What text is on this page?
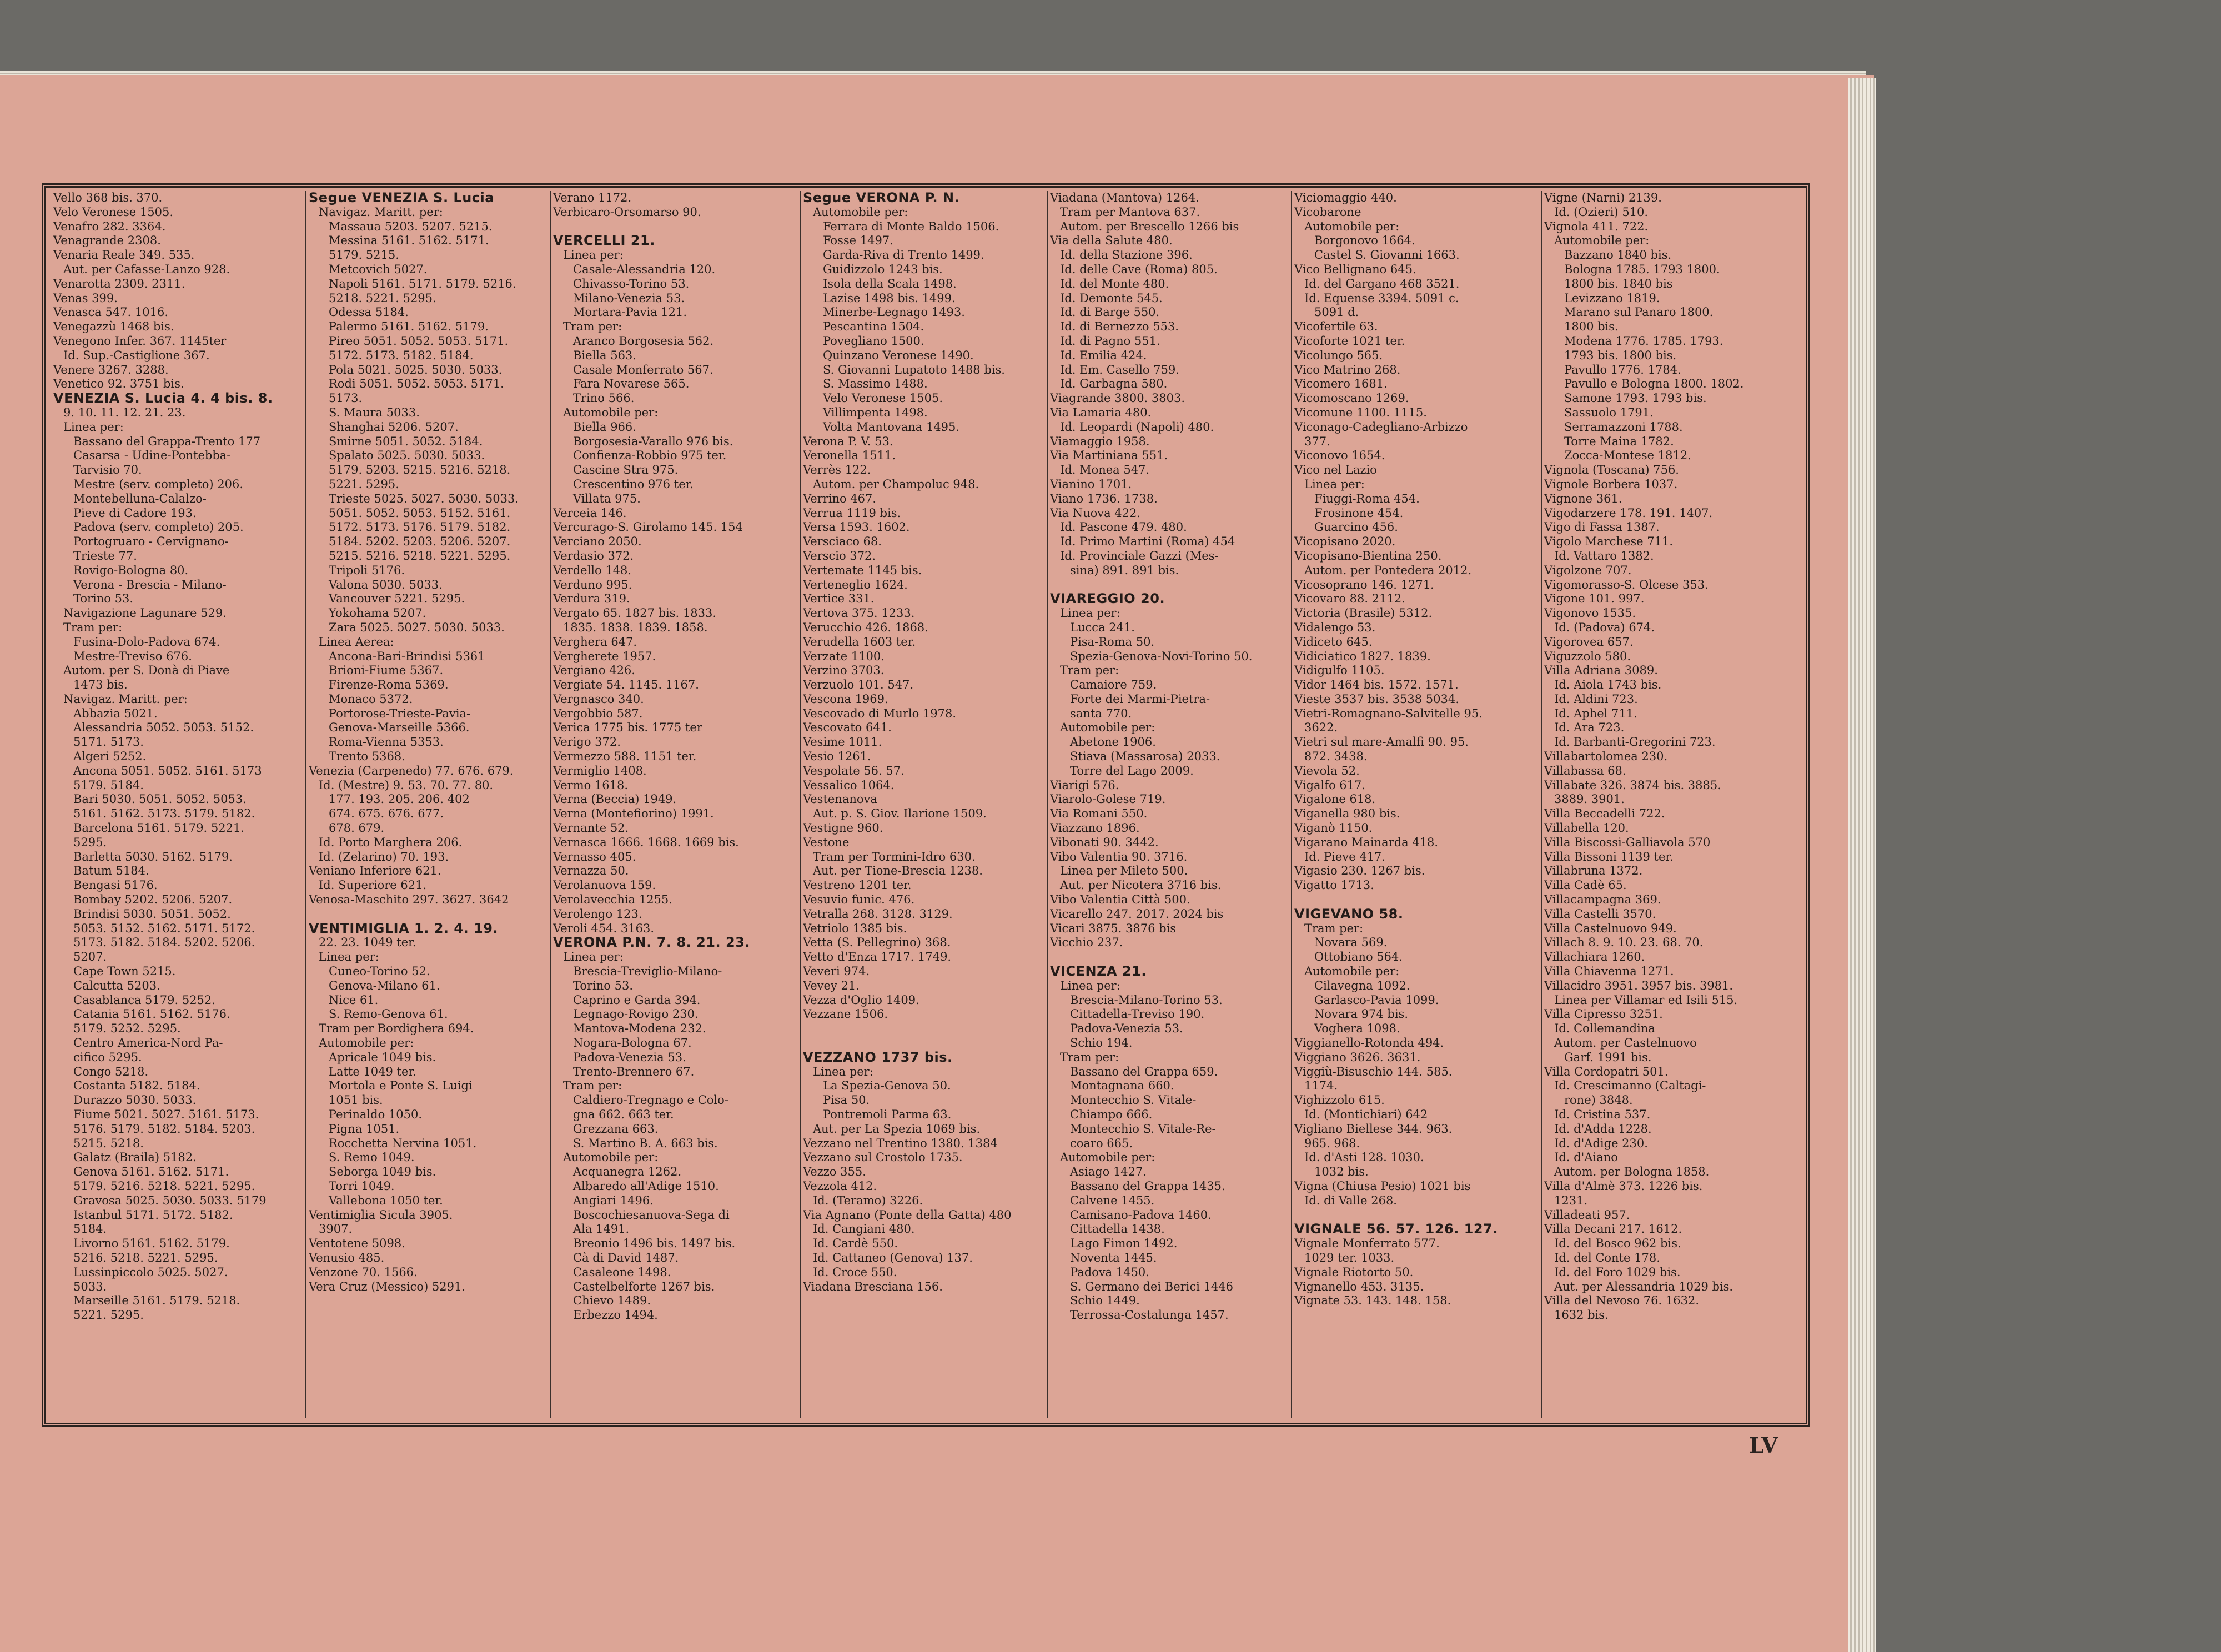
Vello 368 bis. 370.
Velo Veronese 1505.
Venafro 282. 3364.
Venagrande 2308.
Venaria Reale 349. 535.
Aut. per Cafasse-Lanzo 928.
Venarotta 2309. 2311.
Venas 399.
Venasca 547. 1016.
Venegazzù 1468 bis.
Venegono Infer. 367. 1145ter
Id. Sup.-Castiglione 367.
Venere 3267. 3288.
Venetico 92. 3751 bis.
VENEZIA S. Lucia 4. 4 bis. 8.
9. 10. 11. 12. 21. 23.
Linea per:
Bassano del Grappa-Trento 177
Casarsa - Udine-Pontebba-
Tarvisio 70.
Mestre (serv. completo) 206.
Montebelluna-Calalzo-
Pieve di Cadore 193.
Padova (serv. completo) 205.
Portogruaro - Cervignano-
Trieste 77.
Rovigo-Bologna 80.
Verona - Brescia - Milano-
Torino 53.
Navigazione Lagunare 529.
Tram per:
Fusina-Dolo-Padova 674.
Mestre-Treviso 676.
Autom. per S. Donà di Piave
1473 bis.
Navigaz. Maritt. per:
Abbazia 5021.
Alessandria 5052. 5053. 5152.
5171. 5173.
Algeri 5252.
Ancona 5051. 5052. 5161. 5173
5179. 5184.
Bari 5030. 5051. 5052. 5053.
5161. 5162. 5173. 5179. 5182.
Barcelona 5161. 5179. 5221.
5295.
Barletta 5030. 5162. 5179.
Batum 5184.
Bengasi 5176.
Bombay 5202. 5206. 5207.
Brindisi 5030. 5051. 5052.
5053. 5152. 5162. 5171. 5172.
5173. 5182. 5184. 5202. 5206.
5207.
Cape Town 5215.
Calcutta 5203.
Casablanca 5179. 5252.
Catania 5161. 5162. 5176.
5179. 5252. 5295.
Centro America-Nord Pa-
cifico 5295.
Congo 5218.
Costanta 5182. 5184.
Durazzo 5030. 5033.
Fiume 5021. 5027. 5161. 5173.
5176. 5179. 5182. 5184. 5203.
5215. 5218.
Galatz (Braila) 5182.
Genova 5161. 5162. 5171.
5179. 5216. 5218. 5221. 5295.
Gravosa 5025. 5030. 5033. 5179
Istanbul 5171. 5172. 5182.
5184.
Livorno 5161. 5162. 5179.
5216. 5218. 5221. 5295.
Lussinpiccolo 5025. 5027.
5033.
Marseille 5161. 5179. 5218.
5221. 5295.
Segue VENEZIA S. Lucia
Navigaz. Maritt. per:
Massaua 5203. 5207. 5215.
Messina 5161. 5162. 5171.
5179. 5215.
Metcovich 5027.
Napoli 5161. 5171. 5179. 5216.
5218. 5221. 5295.
Odessa 5184.
Palermo 5161. 5162. 5179.
Pireo 5051. 5052. 5053. 5171.
5172. 5173. 5182. 5184.
Pola 5021. 5025. 5030. 5033.
Rodi 5051. 5052. 5053. 5171.
5173.
S. Maura 5033.
Shanghai 5206. 5207.
Smirne 5051. 5052. 5184.
Spalato 5025. 5030. 5033.
5179. 5203. 5215. 5216. 5218.
5221. 5295.
Trieste 5025. 5027. 5030. 5033.
5051. 5052. 5053. 5152. 5161.
5172. 5173. 5176. 5179. 5182.
5184. 5202. 5203. 5206. 5207.
5215. 5216. 5218. 5221. 5295.
Tripoli 5176.
Valona 5030. 5033.
Vancouver 5221. 5295.
Yokohama 5207.
Zara 5025. 5027. 5030. 5033.
Linea Aerea:
Ancona-Bari-Brindisi 5361
Brioni-Fiume 5367.
Firenze-Roma 5369.
Monaco 5372.
Portorose-Trieste-Pavia-
Genova-Marseille 5366.
Roma-Vienna 5353.
Trento 5368.
Venezia (Carpenedo) 77. 676. 679.
Id. (Mestre) 9. 53. 70. 77. 80.
177. 193. 205. 206. 402
674. 675. 676. 677.
678. 679.
Id. Porto Marghera 206.
Id. (Zelarino) 70. 193.
Veniano Inferiore 621.
Id. Superiore 621.
Venosa-Maschito 297. 3627. 3642

VENTIMIGLIA 1. 2. 4. 19.
22. 23. 1049 ter.
Linea per:
Cuneo-Torino 52.
Genova-Milano 61.
Nice 61.
S. Remo-Genova 61.
Tram per Bordighera 694.
Automobile per:
Apricale 1049 bis.
Latte 1049 ter.
Mortola e Ponte S. Luigi
1051 bis.
Perinaldo 1050.
Pigna 1051.
Rocchetta Nervina 1051.
S. Remo 1049.
Seborga 1049 bis.
Torri 1049.
Vallebona 1050 ter.
Ventimiglia Sicula 3905.
3907.
Ventotene 5098.
Venusio 485.
Venzone 70. 1566.
Vera Cruz (Messico) 5291.
Verano 1172.
Verbicaro-Orsomarso 90.

VERCELLI 21.
Linea per:
Casale-Alessandria 120.
Chivasso-Torino 53.
Milano-Venezia 53.
Mortara-Pavia 121.
Tram per:
Aranco Borgosesia 562.
Biella 563.
Casale Monferrato 567.
Fara Novarese 565.
Trino 566.
Automobile per:
Biella 966.
Borgosesia-Varallo 976 bis.
Confienza-Robbio 975 ter.
Cascine Stra 975.
Crescentino 976 ter.
Villata 975.
Verceia 146.
Vercurago-S. Girolamo 145. 154
Verciano 2050.
Verdasio 372.
Verdello 148.
Verduno 995.
Verdura 319.
Vergato 65. 1827 bis. 1833.
1835. 1838. 1839. 1858.
Verghera 647.
Vergherete 1957.
Vergiano 426.
Vergiate 54. 1145. 1167.
Vergnasco 340.
Vergobbio 587.
Verica 1775 bis. 1775 ter
Verigo 372.
Vermezzo 588. 1151 ter.
Vermiglio 1408.
Vermo 1618.
Verna (Beccia) 1949.
Verna (Montefiorino) 1991.
Vernante 52.
Vernasca 1666. 1668. 1669 bis.
Vernasso 405.
Vernazza 50.
Verolanuova 159.
Verolavecchia 1255.
Verolengo 123.
Veroli 454. 3163.
VERONA P.N. 7. 8. 21. 23.
Linea per:
Brescia-Treviglio-Milano-
Torino 53.
Caprino e Garda 394.
Legnago-Rovigo 230.
Mantova-Modena 232.
Nogara-Bologna 67.
Padova-Venezia 53.
Trento-Brennero 67.
Tram per:
Caldiero-Tregnago e Colo-
gna 662. 663 ter.
Grezzana 663.
S. Martino B. A. 663 bis.
Automobile per:
Acquanegra 1262.
Albaredo all'Adige 1510.
Angiari 1496.
Boscochiesanuova-Sega di
Ala 1491.
Breonio 1496 bis. 1497 bis.
Cà di David 1487.
Casaleone 1498.
Castelbelforte 1267 bis.
Chievo 1489.
Erbezzo 1494.
Segue VERONA P. N.
Automobile per:
Ferrara di Monte Baldo 1506.
Fosse 1497.
Garda-Riva di Trento 1499.
Guidizzolo 1243 bis.
Isola della Scala 1498.
Lazise 1498 bis. 1499.
Minerbe-Legnago 1493.
Pescantina 1504.
Povegliano 1500.
Quinzano Veronese 1490.
S. Giovanni Lupatoto 1488 bis.
S. Massimo 1488.
Velo Veronese 1505.
Villimpenta 1498.
Volta Mantovana 1495.
Verona P. V. 53.
Veronella 1511.
Verrès 122.
Autom. per Champoluc 948.
Verrino 467.
Verrua 1119 bis.
Versa 1593. 1602.
Versciaco 68.
Verscio 372.
Vertemate 1145 bis.
Verteneglio 1624.
Vertice 331.
Vertova 375. 1233.
Verucchio 426. 1868.
Verudella 1603 ter.
Verzate 1100.
Verzino 3703.
Verzuolo 101. 547.
Vescona 1969.
Vescovado di Murlo 1978.
Vescovato 641.
Vesime 1011.
Vesio 1261.
Vespolate 56. 57.
Vessalico 1064.
Vestenanova
Aut. p. S. Giov. Ilarione 1509.
Vestigne 960.
Vestone
Tram per Tormini-Idro 630.
Aut. per Tione-Brescia 1238.
Vestreno 1201 ter.
Vesuvio funic. 476.
Vetralla 268. 3128. 3129.
Vetriolo 1385 bis.
Vetta (S. Pellegrino) 368.
Vetto d'Enza 1717. 1749.
Veveri 974.
Vevey 21.
Vezza d'Oglio 1409.
Vezzane 1506.

VEZZANO 1737 bis.
Linea per:
La Spezia-Genova 50.
Pisa 50.
Pontremoli Parma 63.
Aut. per La Spezia 1069 bis.
Vezzano nel Trentino 1380. 1384
Vezzano sul Crostolo 1735.
Vezzo 355.
Vezzola 412.
Id. (Teramo) 3226.
Via Agnano (Ponte della Gatta) 480
Id. Cangiani 480.
Id. Cardè 550.
Id. Cattaneo (Genova) 137.
Id. Croce 550.
Viadana Bresciana 156.
Viadana (Mantova) 1264.
Tram per Mantova 637.
Autom. per Brescello 1266 bis
Via della Salute 480.
Id. della Stazione 396.
Id. delle Cave (Roma) 805.
Id. del Monte 480.
Id. Demonte 545.
Id. di Barge 550.
Id. di Bernezzo 553.
Id. di Pagno 551.
Id. Emilia 424.
Id. Em. Casello 759.
Id. Garbagna 580.
Viagrande 3800. 3803.
Via Lamaria 480.
Id. Leopardi (Napoli) 480.
Viamaggio 1958.
Via Martiniana 551.
Id. Monea 547.
Vianino 1701.
Viano 1736. 1738.
Via Nuova 422.
Id. Pascone 479. 480.
Id. Primo Martini (Roma) 454
Id. Provinciale Gazzi (Mes-
sina) 891. 891 bis.

VIAREGGIO 20.
Linea per:
Lucca 241.
Pisa-Roma 50.
Spezia-Genova-Novi-Torino 50.
Tram per:
Camaiore 759.
Forte dei Marmi-Pietra-
santa 770.
Automobile per:
Abetone 1906.
Stiava (Massarosa) 2033.
Torre del Lago 2009.
Viarigi 576.
Viarolo-Golese 719.
Via Romani 550.
Viazzano 1896.
Vibonati 90. 3442.
Vibo Valentia 90. 3716.
Linea per Mileto 500.
Aut. per Nicotera 3716 bis.
Vibo Valentia Città 500.
Vicarello 247. 2017. 2024 bis
Vicari 3875. 3876 bis
Vicchio 237.

VICENZA 21.
Linea per:
Brescia-Milano-Torino 53.
Cittadella-Treviso 190.
Padova-Venezia 53.
Schio 194.
Tram per:
Bassano del Grappa 659.
Montagnana 660.
Montecchio S. Vitale-
Chiampo 666.
Montecchio S. Vitale-Re-
coaro 665.
Automobile per:
Asiago 1427.
Bassano del Grappa 1435.
Calvene 1455.
Camisano-Padova 1460.
Cittadella 1438.
Lago Fimon 1492.
Noventa 1445.
Padova 1450.
S. Germano dei Berici 1446
Schio 1449.
Terrossa-Costalunga 1457.
Viciomaggio 440.
Vicobarone
Automobile per:
Borgonovo 1664.
Castel S. Giovanni 1663.
Vico Bellignano 645.
Id. del Gargano 468 3521.
Id. Equense 3394. 5091 c.
5091 d.
Vicofertile 63.
Vicoforte 1021 ter.
Vicolungo 565.
Vico Matrino 268.
Vicomero 1681.
Vicomoscano 1269.
Vicomune 1100. 1115.
Viconago-Cadegliano-Arbizzo
377.
Viconovo 1654.
Vico nel Lazio
Linea per:
Fiuggi-Roma 454.
Frosinone 454.
Guarcino 456.
Vicopisano 2020.
Vicopisano-Bientina 250.
Autom. per Pontedera 2012.
Vicosoprano 146. 1271.
Vicovaro 88. 2112.
Victoria (Brasile) 5312.
Vidalengo 53.
Vidiceto 645.
Vidiciatico 1827. 1839.
Vidigulfo 1105.
Vidor 1464 bis. 1572. 1571.
Vieste 3537 bis. 3538 5034.
Vietri-Romagnano-Salvitelle 95.
3622.
Vietri sul mare-Amalfi 90. 95.
872. 3438.
Vievola 52.
Vigalfo 617.
Vigalone 618.
Viganella 980 bis.
Viganò 1150.
Vigarano Mainarda 418.
Id. Pieve 417.
Vigasio 230. 1267 bis.
Vigatto 1713.

VIGEVANO 58.
Tram per:
Novara 569.
Ottobiano 564.
Automobile per:
Cilavegna 1092.
Garlasco-Pavia 1099.
Novara 974 bis.
Voghera 1098.
Viggianello-Rotonda 494.
Viggiano 3626. 3631.
Viggiù-Bisuschio 144. 585.
1174.
Vighizzolo 615.
Id. (Montichiari) 642
Vigliano Biellese 344. 963.
965. 968.
Id. d'Asti 128. 1030.
1032 bis.
Vigna (Chiusa Pesio) 1021 bis
Id. di Valle 268.

VIGNALE 56. 57. 126. 127.
Vignale Monferrato 577.
1029 ter. 1033.
Vignale Riotorto 50.
Vignanello 453. 3135.
Vignate 53. 143. 148. 158.
Vigne (Narni) 2139.
Id. (Ozieri) 510.
Vignola 411. 722.
Automobile per:
Bazzano 1840 bis.
Bologna 1785. 1793 1800.
1800 bis. 1840 bis
Levizzano 1819.
Marano sul Panaro 1800.
1800 bis.
Modena 1776. 1785. 1793.
1793 bis. 1800 bis.
Pavullo 1776. 1784.
Pavullo e Bologna 1800. 1802.
Samone 1793. 1793 bis.
Sassuolo 1791.
Serramazzoni 1788.
Torre Maina 1782.
Zocca-Montese 1812.
Vignola (Toscana) 756.
Vignole Borbera 1037.
Vignone 361.
Vigodarzere 178. 191. 1407.
Vigo di Fassa 1387.
Vigolo Marchese 711.
Id. Vattaro 1382.
Vigolzone 707.
Vigomorasso-S. Olcese 353.
Vigone 101. 997.
Vigonovo 1535.
Id. (Padova) 674.
Vigorovea 657.
Viguzzolo 580.
Villa Adriana 3089.
Id. Aiola 1743 bis.
Id. Aldini 723.
Id. Aphel 711.
Id. Ara 723.
Id. Barbanti-Gregorini 723.
Villabartolomea 230.
Villabassa 68.
Villabate 326. 3874 bis. 3885.
3889. 3901.
Villa Beccadelli 722.
Villabella 120.
Villa Biscossi-Galliavola 570
Villa Bissoni 1139 ter.
Villabruna 1372.
Villa Cadè 65.
Villacampagna 369.
Villa Castelli 3570.
Villa Castelnuovo 949.
Villach 8. 9. 10. 23. 68. 70.
Villachiara 1260.
Villa Chiavenna 1271.
Villacidro 3951. 3957 bis. 3981.
Linea per Villamar ed Isili 515.
Villa Cipresso 3251.
Id. Collemandina
Autom. per Castelnuovo
Garf. 1991 bis.
Villa Cordopatri 501.
Id. Crescimanno (Caltagi-
rone) 3848.
Id. Cristina 537.
Id. d'Adda 1228.
Id. d'Adige 230.
Id. d'Aiano
Autom. per Bologna 1858.
Villa d'Almè 373. 1226 bis.
1231.
Villadeati 957.
Villa Decani 217. 1612.
Id. del Bosco 962 bis.
Id. del Conte 178.
Id. del Foro 1029 bis.
Aut. per Alessandria 1029 bis.
Villa del Nevoso 76. 1632.
1632 bis.
LV
